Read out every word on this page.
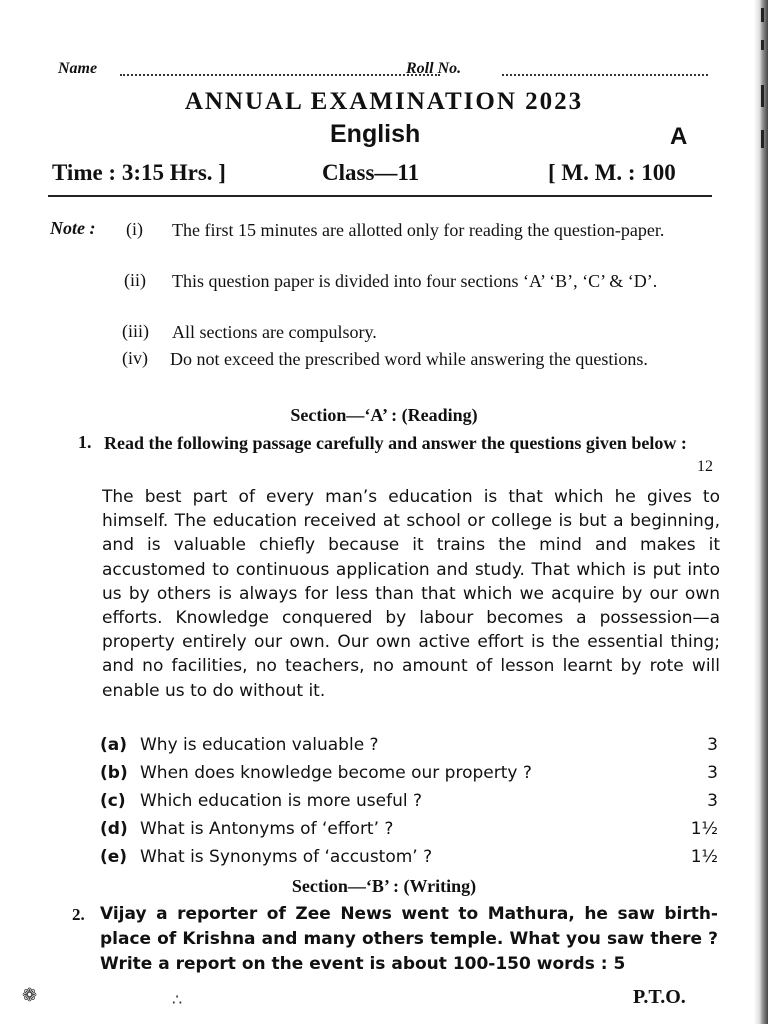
Name	Roll No.
ANNUAL EXAMINATION 2023
English	A
Time : 3:15 Hrs. ]	Class—11	[ M. M. : 100
Note : (i) The first 15 minutes are allotted only for reading the question-paper.
(ii) This question paper is divided into four sections ‘A’ ‘B’, ‘C’ & ‘D’.
(iii) All sections are compulsory.
(iv) Do not exceed the prescribed word while answering the questions.
Section—‘A’ : (Reading)
1. Read the following passage carefully and answer the questions given below :
12
The best part of every man’s education is that which he gives to himself. The education received at school or college is but a beginning, and is valuable chiefly because it trains the mind and makes it accustomed to continuous application and study. That which is put into us by others is always for less than that which we acquire by our own efforts. Knowledge conquered by labour becomes a possession—a property entirely our own. Our own active effort is the essential thing; and no facilities, no teachers, no amount of lesson learnt by rote will enable us to do without it.
(a) Why is education valuable ?	3
(b) When does knowledge become our property ?	3
(c) Which education is more useful ?	3
(d) What is Antonyms of ‘effort’ ?	1½
(e) What is Synonyms of ‘accustom’ ?	1½
Section—‘B’ : (Writing)
2. Vijay a reporter of Zee News went to Mathura, he saw birth-place of Krishna and many others temple. What you saw there ? Write a report on the event is about 100-150 words : 5
❁	∴	P.T.O.
